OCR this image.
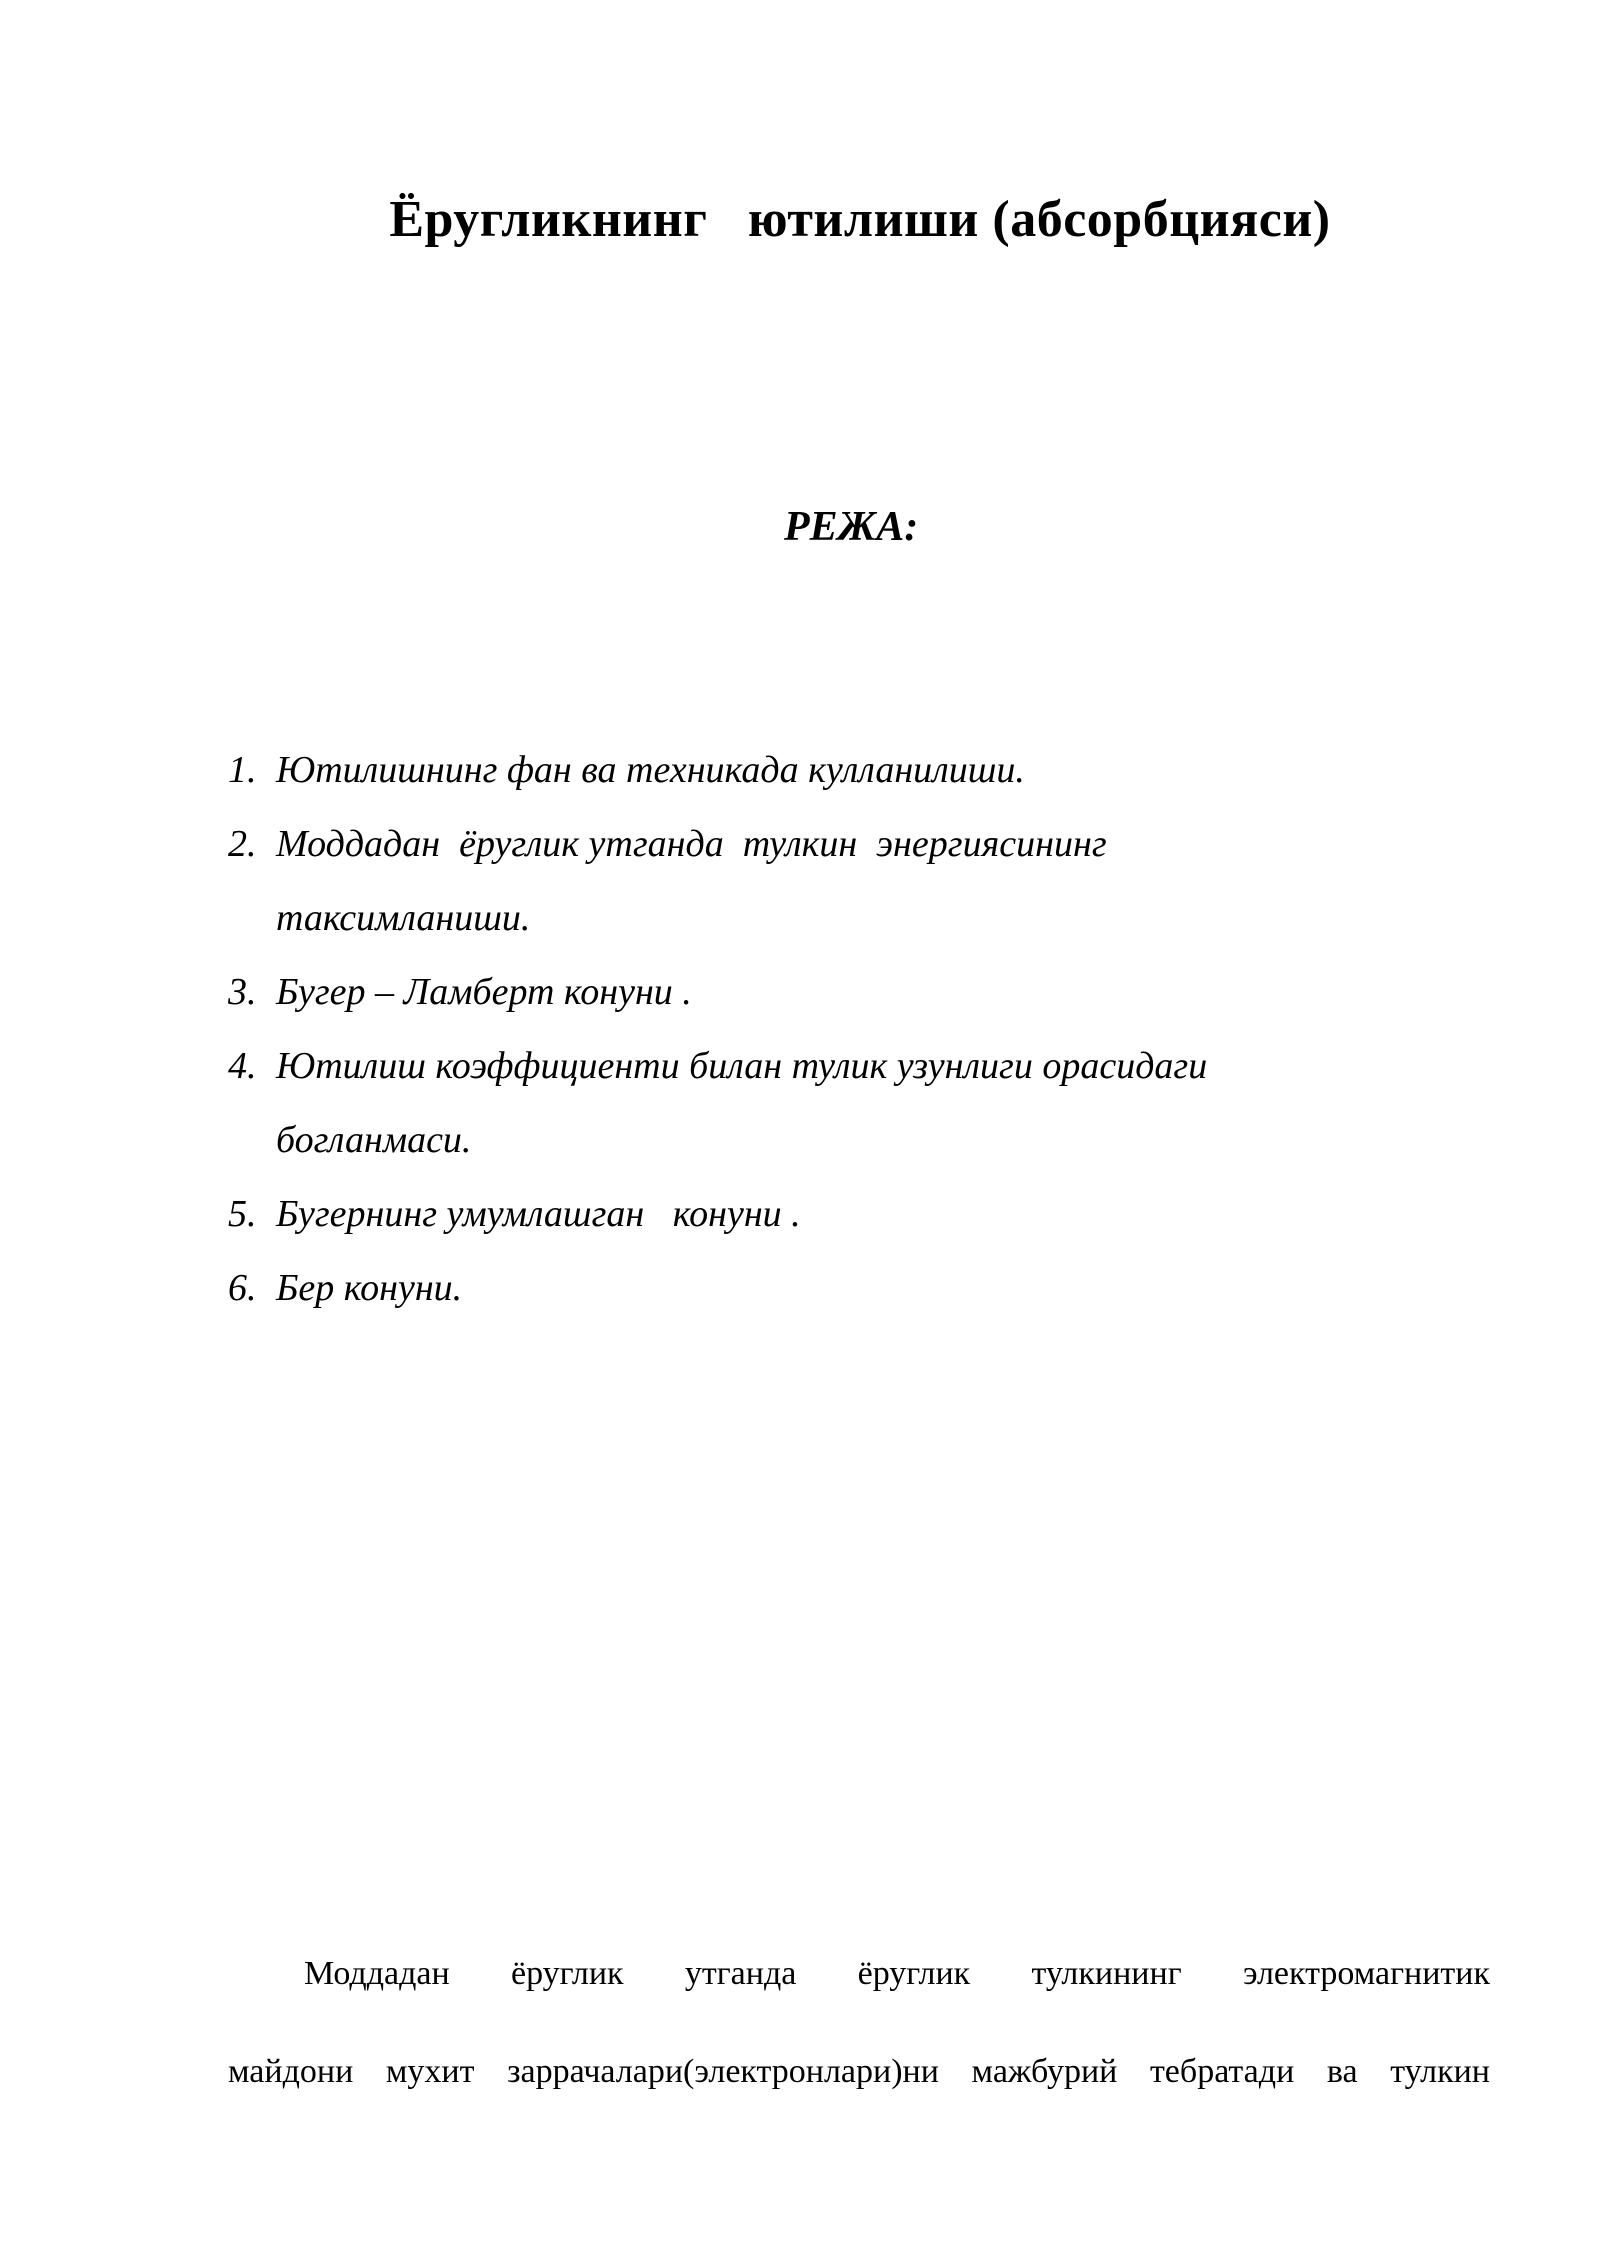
Ёругликнинг   ютилиши (абсорбцияси)
РЕЖА:
1. Ютилишнинг фан ва техникада кулланилиши.
2. Моддадан  ёруглик утганда  тулкин  энергиясининг
таксимланиши.
3. Бугер – Ламберт конуни .
4. Ютилиш коэффициенти билан тулик узунлиги орасидаги
богланмаси.
5. Бугернинг умумлашган   конуни .
6. Бер конуни.
Моддадан ёруглик утганда ёруглик тулкининг электромагнитик
майдони мухит заррачалари(электронлари)ни мажбурий тебратади ва тулкин
